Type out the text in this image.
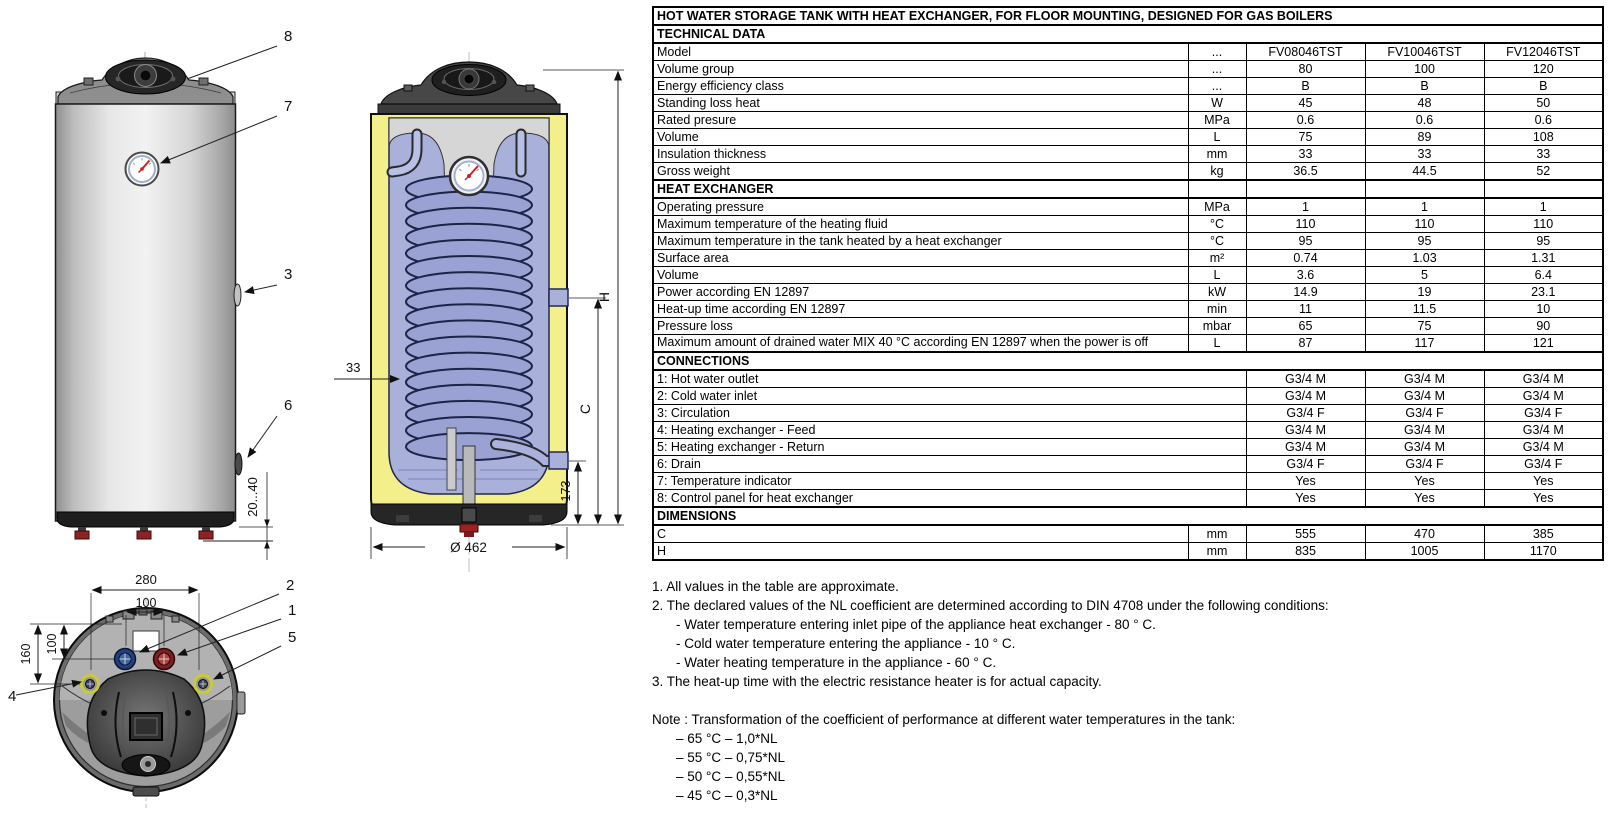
8
7
3
6
20...40
33
H
C
173
Ø 462
280
100
160 100
2
1
5
4
HOT WATER STORAGE TANK WITH HEAT EXCHANGER, FOR FLOOR MOUNTING, DESIGNED FOR GAS BOILERS				
TECHNICAL DATA				
Model	...	FV08046TST	FV10046TST	FV12046TST
Volume group	...	80	100	120
Energy efficiency class	...	B	B	B
Standing loss heat	W	45	48	50
Rated presure	MPa	0.6	0.6	0.6
Volume	L	75	89	108
Insulation thickness	mm	33	33	33
Gross weight	kg	36.5	44.5	52
HEAT EXCHANGER				
Operating pressure	MPa	1	1	1
Maximum temperature of the heating fluid	°C	110	110	110
Maximum temperature in the tank heated by a heat exchanger	°C	95	95	95
Surface area	m²	0.74	1.03	1.31
Volume	L	3.6	5	6.4
Power according EN 12897	kW	14.9	19	23.1
Heat-up time according EN 12897	min	11	11.5	10
Pressure loss	mbar	65	75	90
Maximum amount of drained water MIX 40 °C according EN 12897 when the power is off	L	87	117	121
CONNECTIONS				
1: Hot water outlet		G3/4 M	G3/4 M	G3/4 M
2: Cold water inlet		G3/4 M	G3/4 M	G3/4 M
3: Circulation		G3/4 F	G3/4 F	G3/4 F
4: Heating exchanger - Feed		G3/4 M	G3/4 M	G3/4 M
5: Heating exchanger - Return		G3/4 M	G3/4 M	G3/4 M
6: Drain		G3/4 F	G3/4 F	G3/4 F
7: Temperature indicator		Yes	Yes	Yes
8: Control panel for heat exchanger		Yes	Yes	Yes
DIMENSIONS				
C	mm	555	470	385
H	mm	835	1005	1170
1. All values in the table are approximate.
2. The declared values of the NL coefficient are determined according to DIN 4708 under the following conditions:
- Water temperature entering inlet pipe of the appliance heat exchanger - 80 ° C.
- Cold water temperature entering the appliance - 10 ° C.
- Water heating temperature in the appliance - 60 ° C.
3. The heat-up time with the electric resistance heater is for actual capacity.
Note : Transformation of the coefficient of performance at different water temperatures in the tank:
– 65 °C – 1,0*NL
– 55 °C – 0,75*NL
– 50 °C – 0,55*NL
– 45 °C – 0,3*NL
